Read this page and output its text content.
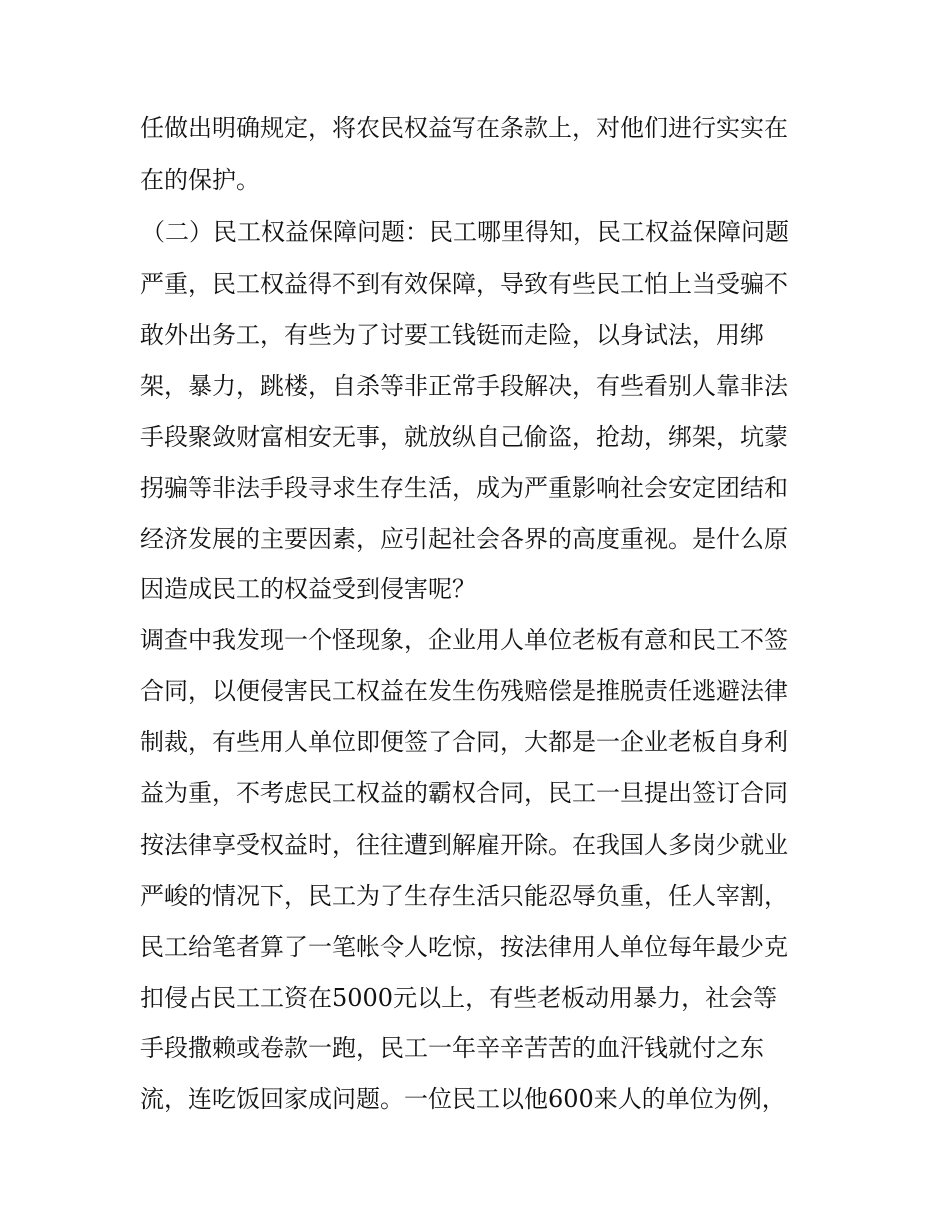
任做出明确规定，将农民权益写在条款上，对他们进行实实在
在的保护。
（二）民工权益保障问题：民工哪里得知，民工权益保障问题
严重，民工权益得不到有效保障，导致有些民工怕上当受骗不
敢外出务工，有些为了讨要工钱铤而走险，以身试法，用绑
架，暴力，跳楼，自杀等非正常手段解决，有些看别人靠非法
手段聚敛财富相安无事，就放纵自己偷盗，抢劫，绑架，坑蒙
拐骗等非法手段寻求生存生活，成为严重影响社会安定团结和
经济发展的主要因素，应引起社会各界的高度重视。是什么原
因造成民工的权益受到侵害呢？
调查中我发现一个怪现象，企业用人单位老板有意和民工不签
合同，以便侵害民工权益在发生伤残赔偿是推脱责任逃避法律
制裁，有些用人单位即便签了合同，大都是一企业老板自身利
益为重，不考虑民工权益的霸权合同，民工一旦提出签订合同
按法律享受权益时，往往遭到解雇开除。在我国人多岗少就业
严峻的情况下，民工为了生存生活只能忍辱负重，任人宰割，
民工给笔者算了一笔帐令人吃惊，按法律用人单位每年最少克
扣侵占民工工资在5000元以上，有些老板动用暴力，社会等
手段撒赖或卷款一跑，民工一年辛辛苦苦的血汗钱就付之东
流，连吃饭回家成问题。一位民工以他600来人的单位为例，
